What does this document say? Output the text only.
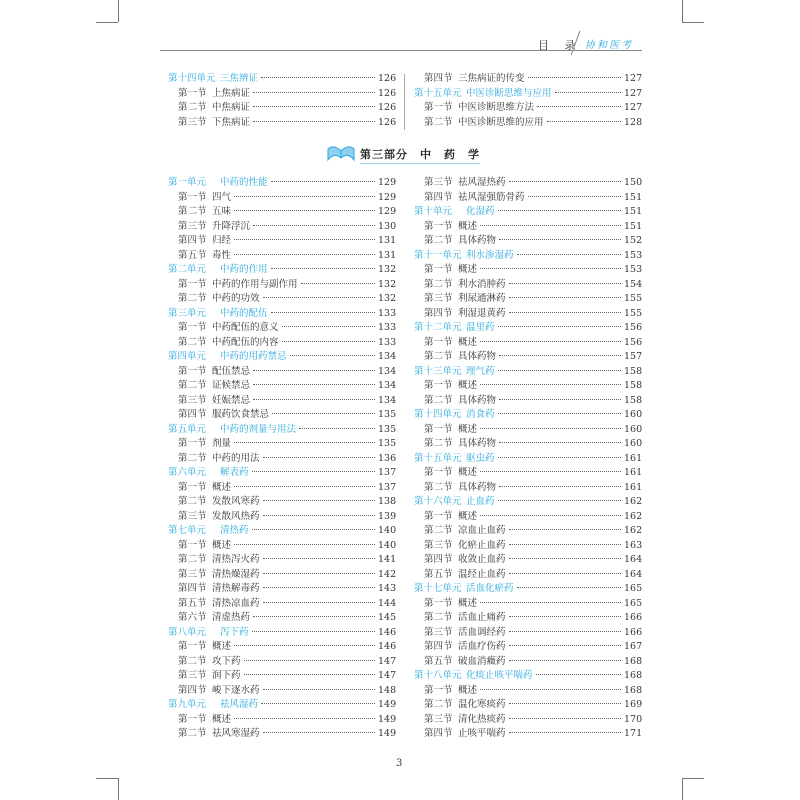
目 录 协和医考
第十四单元 三焦辨证	126
第一节 上焦病证	126
第二节 中焦病证	126
第三节 下焦病证	126
第四节 三焦病证的传变	127
第十五单元 中医诊断思维与应用	127
第一节 中医诊断思维方法	127
第二节 中医诊断思维的应用	128
第三部分　中　药　学
第一单元 中药的性能	129
第一节 四气	129
第二节 五味	129
第三节 升降浮沉	130
第四节 归经	131
第五节 毒性	131
第二单元 中药的作用	132
第一节 中药的作用与副作用	132
第二节 中药的功效	132
第三单元 中药的配伍	133
第一节 中药配伍的意义	133
第二节 中药配伍的内容	133
第四单元 中药的用药禁忌	134
第一节 配伍禁忌	134
第二节 证候禁忌	134
第三节 妊娠禁忌	134
第四节 服药饮食禁忌	135
第五单元 中药的剂量与用法	135
第一节 剂量	135
第二节 中药的用法	136
第六单元 解表药	137
第一节 概述	137
第二节 发散风寒药	138
第三节 发散风热药	139
第七单元 清热药	140
第一节 概述	140
第二节 清热泻火药	141
第三节 清热燥湿药	142
第四节 清热解毒药	143
第五节 清热凉血药	144
第六节 清虚热药	145
第八单元 泻下药	146
第一节 概述	146
第二节 攻下药	147
第三节 润下药	147
第四节 峻下逐水药	148
第九单元 祛风湿药	149
第一节 概述	149
第二节 祛风寒湿药	149
第三节 祛风湿热药	150
第四节 祛风湿强筋骨药	151
第十单元 化湿药	151
第一节 概述	151
第二节 具体药物	152
第十一单元 利水渗湿药	153
第一节 概述	153
第二节 利水消肿药	154
第三节 利尿通淋药	155
第四节 利湿退黄药	155
第十二单元 温里药	156
第一节 概述	156
第二节 具体药物	157
第十三单元 理气药	158
第一节 概述	158
第二节 具体药物	158
第十四单元 消食药	160
第一节 概述	160
第二节 具体药物	160
第十五单元 驱虫药	161
第一节 概述	161
第二节 具体药物	161
第十六单元 止血药	162
第一节 概述	162
第二节 凉血止血药	162
第三节 化瘀止血药	163
第四节 收敛止血药	164
第五节 温经止血药	164
第十七单元 活血化瘀药	165
第一节 概述	165
第二节 活血止痛药	166
第三节 活血调经药	166
第四节 活血疗伤药	167
第五节 破血消癥药	168
第十八单元 化痰止咳平喘药	168
第一节 概述	168
第二节 温化寒痰药	169
第三节 清化热痰药	170
第四节 止咳平喘药	171
3
